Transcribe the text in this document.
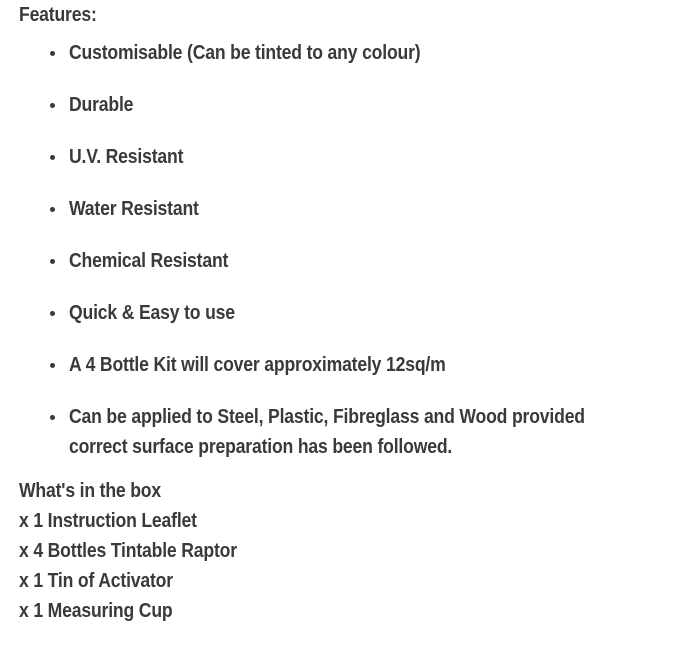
Features:

Customisable (Can be tinted to any colour)
Durable
U.V. Resistant
Water Resistant
Chemical Resistant
Quick & Easy to use
A 4 Bottle Kit will cover approximately 12sq/m
Can be applied to Steel, Plastic, Fibreglass and Wood provided
correct surface preparation has been followed.

What's in the box

x 1 Instruction Leaflet

x 4 Bottles Tintable Raptor

x 1 Tin of Activator

x 1 Measuring Cup
